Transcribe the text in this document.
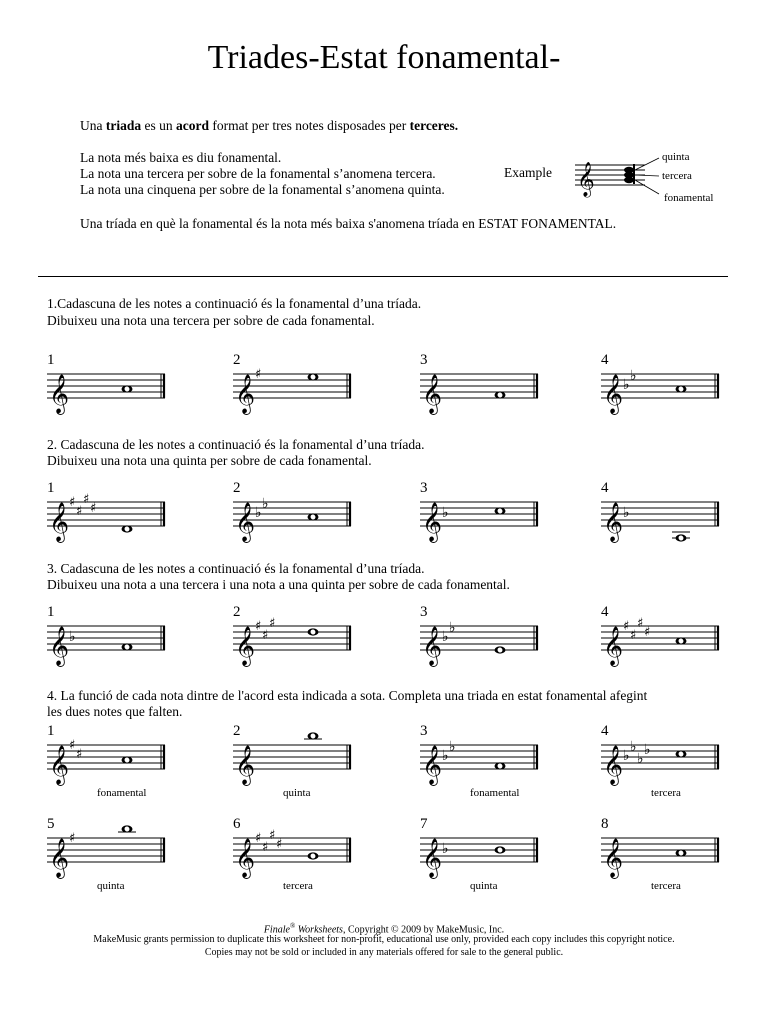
Triades-Estat fonamental-
Una triada es un acord format per tres notes disposades per terceres.
La nota més baixa es diu fonamental.
La nota una tercera per sobre de la fonamental s’anomena tercera.
La nota una cinquena per sobre de la fonamental s’anomena quinta.
Example 𝄞
quinta
tercera
fonamental
Una tríada en què la fonamental és la nota més baixa s'anomena tríada en ESTAT FONAMENTAL.
1.Cadascuna de les notes a continuació és la fonamental d’una tríada.
Dibuixeu una nota una tercera per sobre de cada fonamental.
2. Cadascuna de les notes a continuació és la fonamental d’una tríada.
Dibuixeu una nota una quinta per sobre de cada fonamental.
3. Cadascuna de les notes a continuació és la fonamental d’una tríada.
Dibuixeu una nota a una tercera i una nota a una quinta per sobre de cada fonamental.
4. La funció de cada nota dintre de l'acord esta indicada a sota. Completa una triada en estat fonamental afegint
les dues notes que falten.
1
𝄞
2
𝄞 ♯
3
𝄞
4
𝄞 ♭
♭
1
𝄞 ♯
♯
♯
♯
2
𝄞 ♭
♭
3
𝄞 ♭
4
𝄞 ♭
1
𝄞 ♭
2
𝄞 ♯
♯
♯
3
𝄞 ♭
♭
4
𝄞 ♯
♯
♯
♯
1
𝄞 ♯
♯
fonamental
2
𝄞
quinta
3
𝄞 ♭
♭
fonamental
4
𝄞 ♭
♭
♭
♭
tercera
5
𝄞 ♯
quinta
6
𝄞 ♯
♯
♯
♯
tercera
7
𝄞 ♭
quinta
8
𝄞
tercera
Finale® Worksheets, Copyright © 2009 by MakeMusic, Inc.
MakeMusic grants permission to duplicate this worksheet for non-profit, educational use only, provided each copy includes this copyright notice.
Copies may not be sold or included in any materials offered for sale to the general public.
